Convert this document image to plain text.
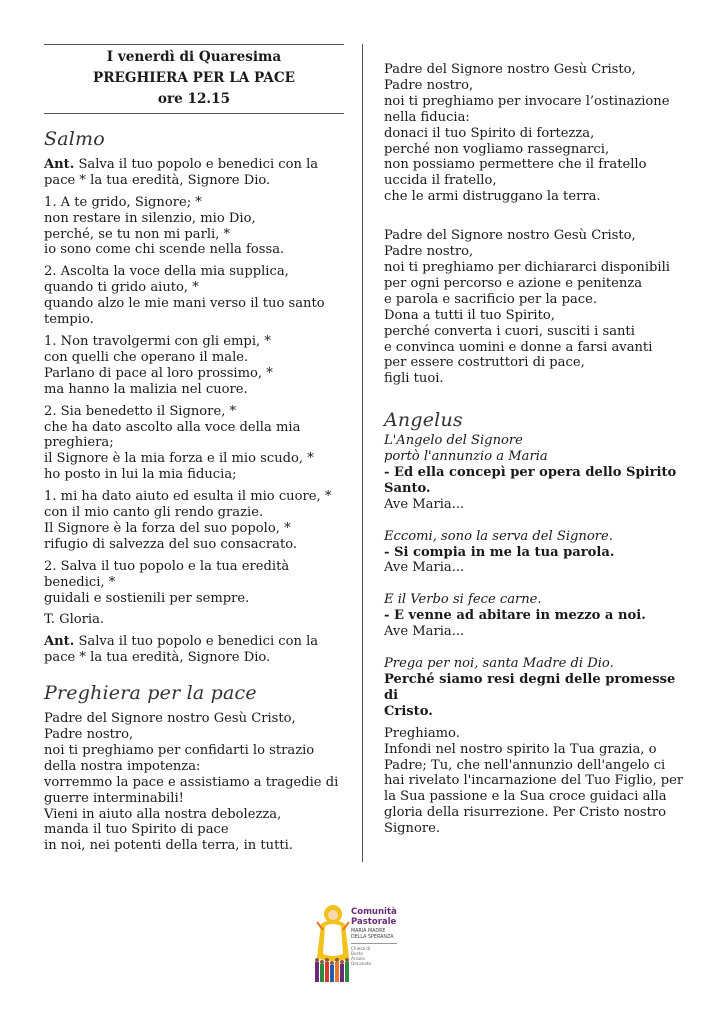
I venerdì di Quaresima
PREGHIERA PER LA PACE
ore 12.15
Salmo

Ant. Salva il tuo popolo e benedici con la
pace * la tua eredità, Signore Dio.

1. A te grido, Signore; *
non restare in silenzio, mio Dio,
perché, se tu non mi parli, *
io sono come chi scende nella fossa.

2. Ascolta la voce della mia supplica,
quando ti grido aiuto, *
quando alzo le mie mani verso il tuo santo
tempio.

1. Non travolgermi con gli empi, *
con quelli che operano il male.
Parlano di pace al loro prossimo, *
ma hanno la malizia nel cuore.

2. Sia benedetto il Signore, *
che ha dato ascolto alla voce della mia
preghiera;
il Signore è la mia forza e il mio scudo, *
ho posto in lui la mia fiducia;

1. mi ha dato aiuto ed esulta il mio cuore, *
con il mio canto gli rendo grazie.
Il Signore è la forza del suo popolo, *
rifugio di salvezza del suo consacrato.

2. Salva il tuo popolo e la tua eredità
benedici, *
guidali e sostienili per sempre.

T. Gloria.

Ant. Salva il tuo popolo e benedici con la
pace * la tua eredità, Signore Dio.

Preghiera per la pace

Padre del Signore nostro Gesù Cristo,
Padre nostro,
noi ti preghiamo per confidarti lo strazio
della nostra impotenza:
vorremmo la pace e assistiamo a tragedie di
guerre interminabili!
Vieni in aiuto alla nostra debolezza,
manda il tuo Spirito di pace
in noi, nei potenti della terra, in tutti.

Padre del Signore nostro Gesù Cristo,
Padre nostro,
noi ti preghiamo per invocare l’ostinazione
nella fiducia:
donaci il tuo Spirito di fortezza,
perché non vogliamo rassegnarci,
non possiamo permettere che il fratello
uccida il fratello,
che le armi distruggano la terra.

Padre del Signore nostro Gesù Cristo,
Padre nostro,
noi ti preghiamo per dichiararci disponibili
per ogni percorso e azione e penitenza
e parola e sacrificio per la pace.
Dona a tutti il tuo Spirito,
perché converta i cuori, susciti i santi
e convinca uomini e donne a farsi avanti
per essere costruttori di pace,
figli tuoi.

Angelus

L'Angelo del Signore
portò l'annunzio a Maria
- Ed ella concepì per opera dello Spirito
Santo.
Ave Maria...

Eccomi, sono la serva del Signore.
- Si compia in me la tua parola.
Ave Maria...

E il Verbo si fece carne.
- E venne ad abitare in mezzo a noi.
Ave Maria...

Prega per noi, santa Madre di Dio.
Perché siamo resi degni delle promesse di
Cristo.

Preghiamo.
Infondi nel nostro spirito la Tua grazia, o
Padre; Tu, che nell'annunzio dell'angelo ci
hai rivelato l'incarnazione del Tuo Figlio, per
la Sua passione e la Sua croce guidaci alla
gloria della risurrezione. Per Cristo nostro
Signore.

Comunità
Pastorale
MARIA MADRE
DELLA SPERANZA
Chiesa di
Busto
Arsizio
Decanato
